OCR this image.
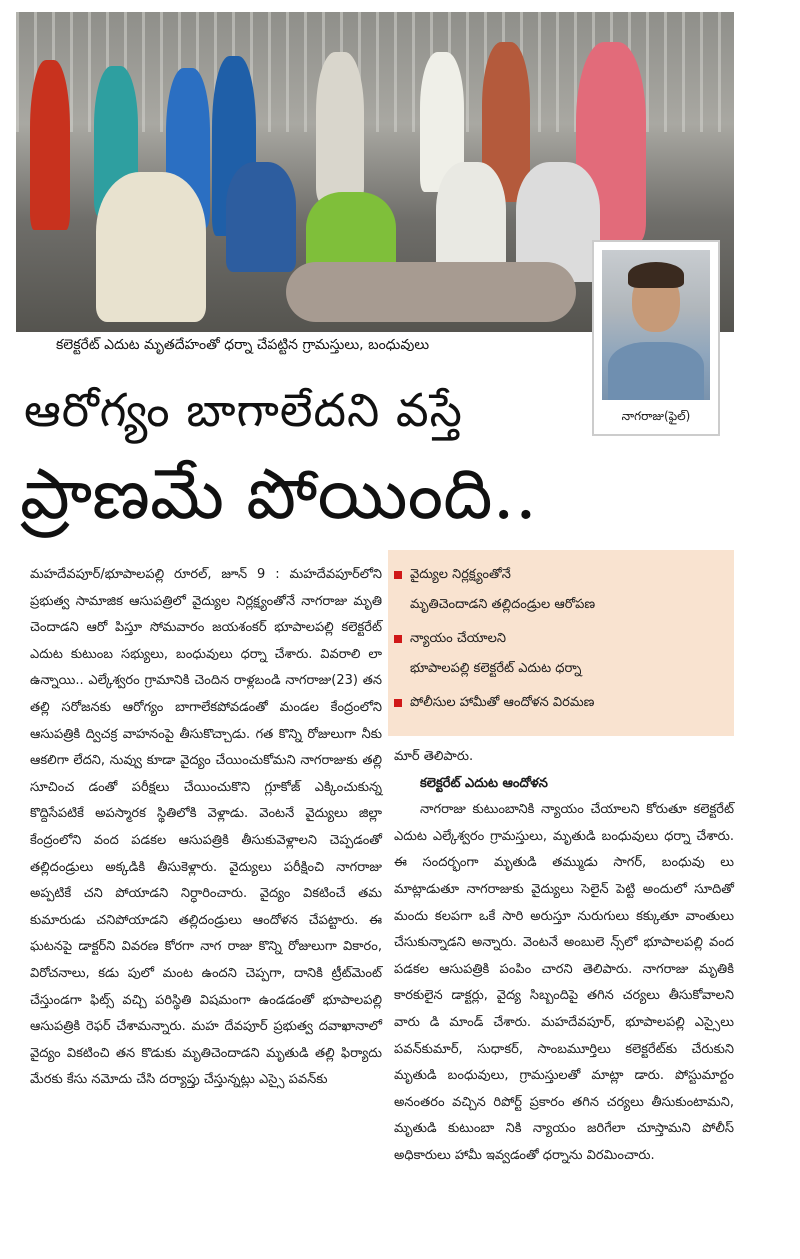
కలెక్టరేట్ ఎదుట మృతదేహంతో ధర్నా చేపట్టిన గ్రామస్తులు, బంధువులు
నాగరాజు(ఫైల్)
ఆరోగ్యం బాగాలేదని వస్తే
ప్రాణమే పోయింది..

మహదేవపూర్/భూపాలపల్లి రూరల్, జూన్ 9 : మహదేవపూర్‌లోని ప్రభుత్వ సామాజిక ఆసుపత్రిలో వైద్యుల నిర్లక్ష్యంతోనే నాగరాజు మృతి చెందాడని ఆరో పిస్తూ సోమవారం జయశంకర్ భూపాలపల్లి కలెక్టరేట్ ఎదుట కుటుంబ సభ్యులు, బంధువులు ధర్నా చేశారు. వివరాలి లా ఉన్నాయి.. ఎల్కేశ్వరం గ్రామానికి చెందిన రాళ్లబండి నాగరాజు(23) తన తల్లి సరోజనకు ఆరోగ్యం బాగాలేకపోవడంతో మండల కేంద్రంలోని ఆసుపత్రికి ద్విచక్ర వాహనంపై తీసుకొచ్చాడు. గత కొన్ని రోజులుగా నీకు ఆకలిగా లేదని, నువ్వు కూడా వైద్యం చేయించుకోమని నాగరాజుకు తల్లి సూచించ డంతో పరీక్షలు చేయించుకొని గ్లూకోజ్ ఎక్కించుకున్న కొద్దిసేపటికే అపస్మారక స్థితిలోకి వెళ్లాడు. వెంటనే వైద్యులు జిల్లా కేంద్రంలోని వంద పడకల ఆసుపత్రికి తీసుకువెళ్లాలని చెప్పడంతో తల్లిదండ్రులు అక్కడికి తీసుకెళ్లారు. వైద్యులు పరీక్షించి నాగరాజు అప్పటికే చని పోయాడని నిర్ధారించారు. వైద్యం వికటించే తమ కుమారుడు చనిపోయాడని తల్లిదండ్రులు ఆందోళన చేపట్టారు. ఈ ఘటనపై డాక్టర్‌ని వివరణ కోరగా నాగ రాజు కొన్ని రోజులుగా వికారం, విరోచనాలు, కడు పులో మంట ఉందని చెప్పగా, దానికి ట్రీట్‌మెంట్ చేస్తుండగా ఫిట్స్ వచ్చి పరిస్థితి విషమంగా ఉండడంతో భూపాలపల్లి ఆసుపత్రికి రెఫర్ చేశామన్నారు. మహ దేవపూర్ ప్రభుత్వ దవాఖానాలో వైద్యం వికటించి తన కొడుకు మృతిచెందాడని మృతుడి తల్లి ఫిర్యాదు మేరకు కేసు నమోదు చేసి దర్యాప్తు చేస్తున్నట్లు ఎస్సై పవన్‌కు

వైద్యుల నిర్లక్ష్యంతోనే
మృతిచెందాడని తల్లిదండ్రుల ఆరోపణ
న్యాయం చేయాలని
భూపాలపల్లి కలెక్టరేట్ ఎదుట ధర్నా
పోలీసుల హామీతో ఆందోళన విరమణ

మార్ తెలిపారు.

కలెక్టరేట్ ఎదుట ఆందోళన

నాగరాజు కుటుంబానికి న్యాయం చేయాలని కోరుతూ కలెక్టరేట్ ఎదుట ఎల్కేశ్వరం గ్రామస్తులు, మృతుడి బంధువులు ధర్నా చేశారు. ఈ సందర్భంగా మృతుడి తమ్ముడు సాగర్, బంధువు లు మాట్లాడుతూ నాగరాజుకు వైద్యులు సెలైన్ పెట్టి అందులో సూదితో మందు కలపగా ఒకే సారి అరుస్తూ నురుగులు కక్కుతూ వాంతులు చేసుకున్నాడని అన్నారు. వెంటనే అంబులె న్స్‌లో భూపాలపల్లి వంద పడకల ఆసుపత్రికి పంపిం చారని తెలిపారు. నాగరాజు మృతికి కారకులైన డాక్టర్లు, వైద్య సిబ్బందిపై తగిన చర్యలు తీసుకోవాలని వారు డి మాండ్ చేశారు. మహదేవపూర్, భూపాలపల్లి ఎస్సైలు పవన్‌కుమార్, సుధాకర్, సాంబమూర్తిలు కలెక్టరేట్‌కు చేరుకుని మృతుడి బంధువులు, గ్రామస్తులతో మాట్లా డారు. పోస్టుమార్టం అనంతరం వచ్చిన రిపోర్ట్ ప్రకారం తగిన చర్యలు తీసుకుంటామని, మృతుడి కుటుంబా నికి న్యాయం జరిగేలా చూస్తామని పోలీస్ అధికారులు హామీ ఇవ్వడంతో ధర్నాను విరమించారు.
